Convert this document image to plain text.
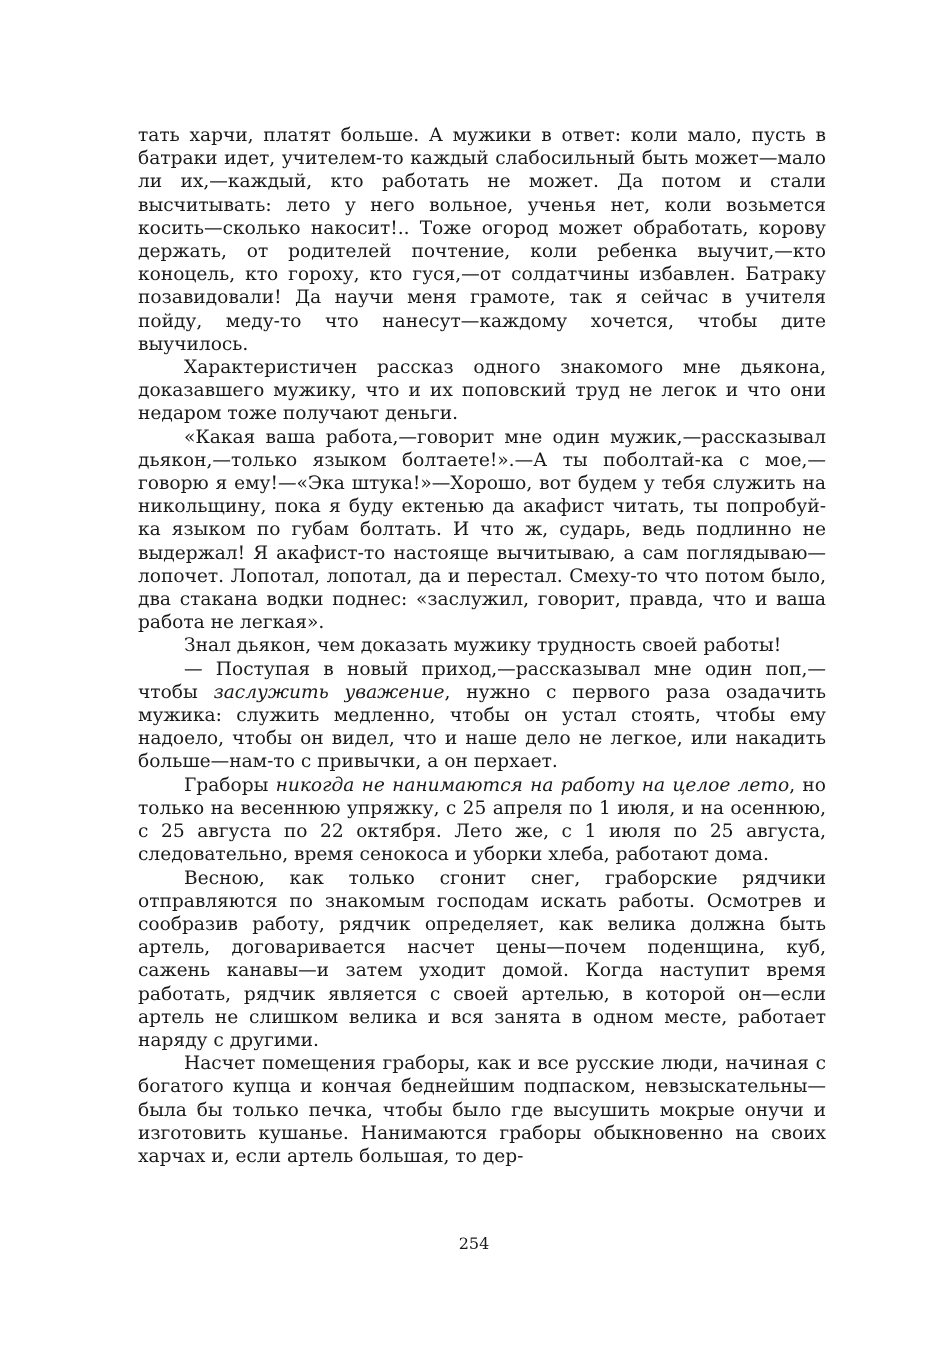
тать харчи, платят больше. А мужики в ответ: коли мало, пусть в батраки идет, учителем-то каждый слабосильный быть может—мало ли их,—каждый, кто работать не может. Да потом и стали высчитывать: лето у него вольное, ученья нет, коли возьмется косить—сколько накосит!.. Тоже огород может обработать, корову держать, от родителей почтение, коли ребенка выучит,—кто коноцель, кто гороху, кто гуся,—от солдатчины избавлен. Батраку позавидовали! Да научи меня грамоте, так я сейчас в учителя пойду, меду-то что нанесут—каждому хочется, чтобы дите выучилось.

Характеристичен рассказ одного знакомого мне дьякона, доказавшего мужику, что и их поповский труд не легок и что они недаром тоже получают деньги.

«Какая ваша работа,—говорит мне один мужик,—рассказывал дьякон,—только языком болтаете!».—А ты поболтай-ка с мое,—говорю я ему!—«Эка штука!»—Хорошо, вот будем у тебя служить на никольщину, пока я буду ектенью да акафист читать, ты попробуй-ка языком по губам болтать. И что ж, сударь, ведь подлинно не выдержал! Я акафист-то настояще вычитываю, а сам поглядываю—лопочет. Лопотал, лопотал, да и перестал. Смеху-то что потом было, два стакана водки поднес: «заслужил, говорит, правда, что и ваша работа не легкая».

Знал дьякон, чем доказать мужику трудность своей работы!

— Поступая в новый приход,—рассказывал мне один поп,—чтобы заслужить уважение, нужно с первого раза озадачить мужика: служить медленно, чтобы он устал стоять, чтобы ему надоело, чтобы он видел, что и наше дело не легкое, или накадить больше—нам-то с привычки, а он перхает.

Граборы никогда не нанимаются на работу на целое лето, но только на весеннюю упряжку, с 25 апреля по 1 июля, и на осеннюю, с 25 августа по 22 октября. Лето же, с 1 июля по 25 августа, следовательно, время сенокоса и уборки хлеба, работают дома.

Весною, как только сгонит снег, граборские рядчики отправляются по знакомым господам искать работы. Осмотрев и сообразив работу, рядчик определяет, как велика должна быть артель, договаривается насчет цены—почем поденщина, куб, сажень канавы—и затем уходит домой. Когда наступит время работать, рядчик является с своей артелью, в которой он—если артель не слишком велика и вся занята в одном месте, работает наряду с другими.

Насчет помещения граборы, как и все русские люди, начиная с богатого купца и кончая беднейшим подпаском, невзыскательны—была бы только печка, чтобы было где высушить мокрые онучи и изготовить кушанье. Нанимаются граборы обыкновенно на своих харчах и, если артель большая, то дер-

254
